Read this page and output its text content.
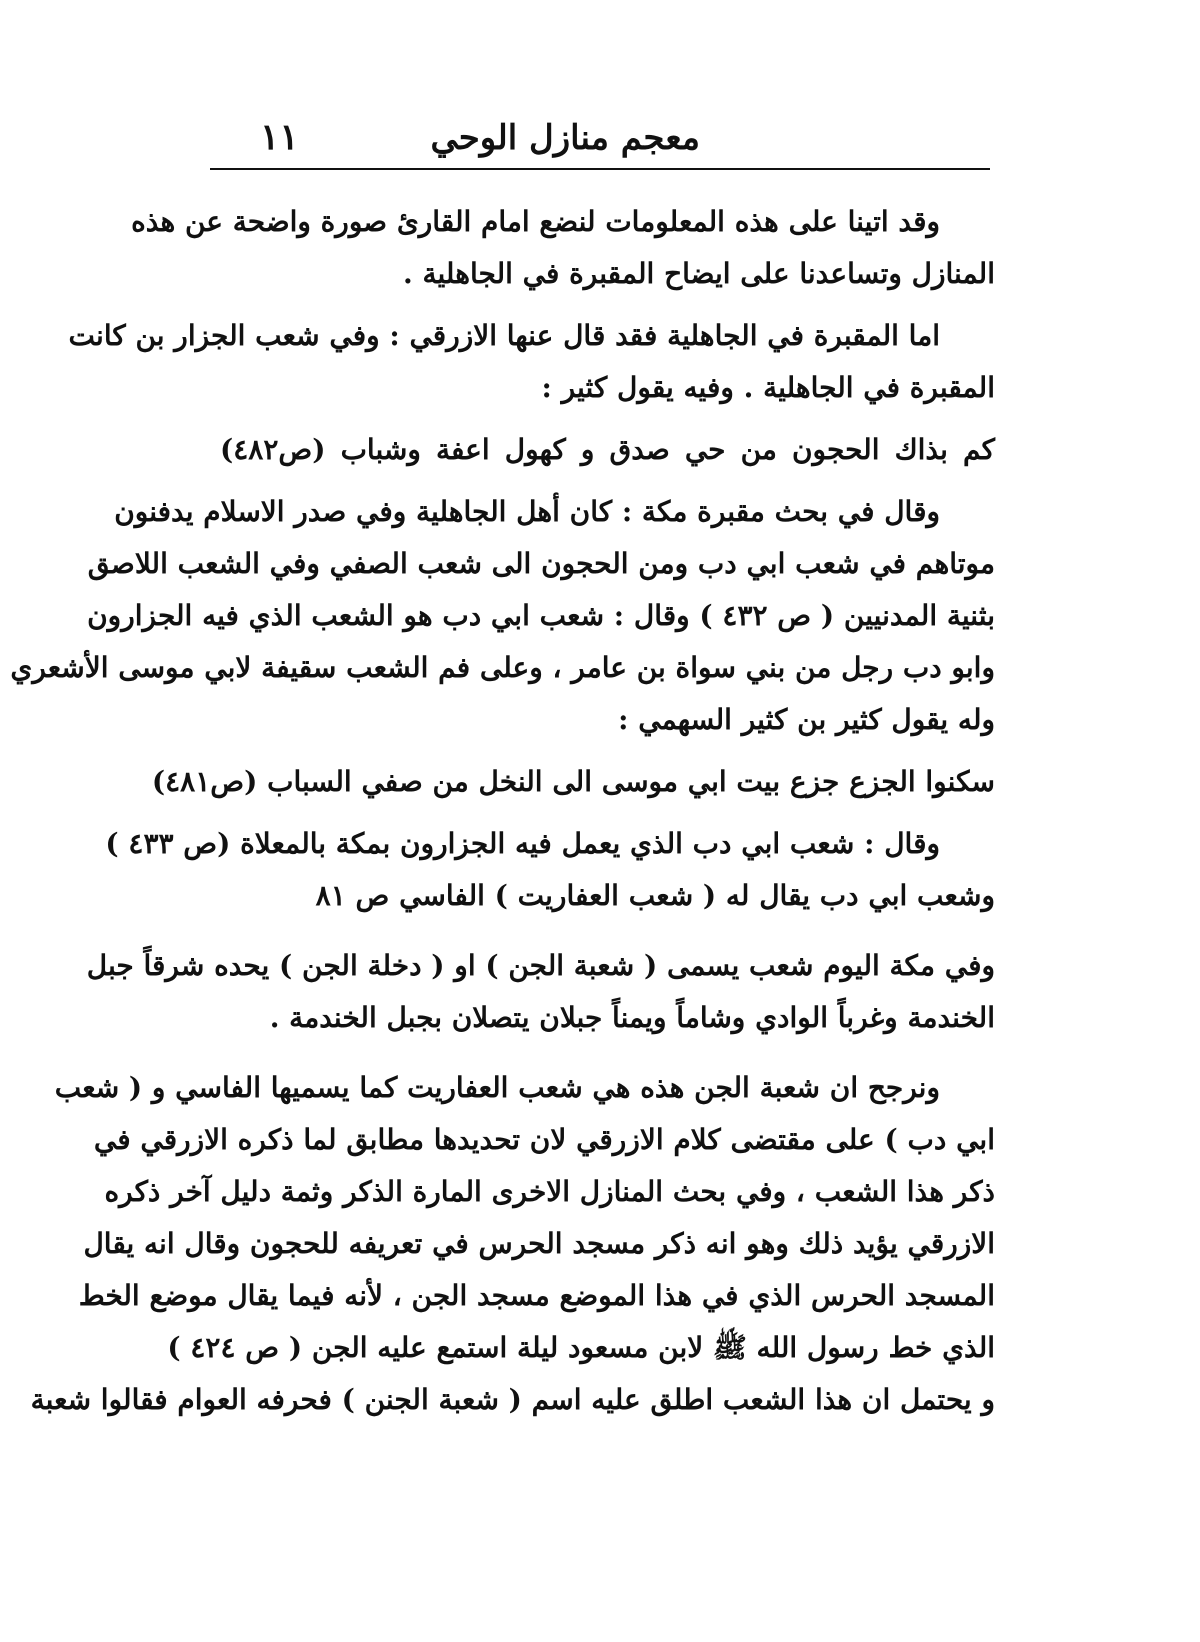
معجم منازل الوحي
١١
وقد اتينا على هذه المعلومات لنضع امام القارئ صورة واضحة عن هذه
المنازل وتساعدنا على ايضاح المقبرة في الجاهلية .
اما المقبرة في الجاهلية فقد قال عنها الازرقي : وفي شعب الجزار بن كانت
المقبرة في الجاهلية . وفيه يقول كثير :
كم بذاك الحجون من حي صدق و كهول اعفة وشباب (ص٤٨٢)
وقال في بحث مقبرة مكة : كان أهل الجاهلية وفي صدر الاسلام يدفنون
موتاهم في شعب ابي دب ومن الحجون الى شعب الصفي وفي الشعب اللاصق
بثنية المدنيين ( ص ٤٣٢ ) وقال : شعب ابي دب هو الشعب الذي فيه الجزارون
وابو دب رجل من بني سواة بن عامر ، وعلى فم الشعب سقيفة لابي موسى الأشعري
وله يقول كثير بن كثير السهمي :
سكنوا الجزع جزع بيت ابي موسى الى النخل من صفي السباب (ص٤٨١)
وقال : شعب ابي دب الذي يعمل فيه الجزارون بمكة بالمعلاة (ص ٤٣٣ )
وشعب ابي دب يقال له ( شعب العفاريت ) الفاسي ص ٨١
وفي مكة اليوم شعب يسمى ( شعبة الجن ) او ( دخلة الجن ) يحده شرقاً جبل
الخندمة وغرباً الوادي وشاماً ويمناً جبلان يتصلان بجبل الخندمة .
ونرجح ان شعبة الجن هذه هي شعب العفاريت كما يسميها الفاسي و ( شعب
ابي دب ) على مقتضى كلام الازرقي لان تحديدها مطابق لما ذكره الازرقي في
ذكر هذا الشعب ، وفي بحث المنازل الاخرى المارة الذكر وثمة دليل آخر ذكره
الازرقي يؤيد ذلك وهو انه ذكر مسجد الحرس في تعريفه للحجون وقال انه يقال
المسجد الحرس الذي في هذا الموضع مسجد الجن ، لأنه فيما يقال موضع الخط
الذي خط رسول الله ﷺ لابن مسعود ليلة استمع عليه الجن ( ص ٤٢٤ )
و يحتمل ان هذا الشعب اطلق عليه اسم ( شعبة الجنن ) فحرفه العوام فقالوا شعبة
